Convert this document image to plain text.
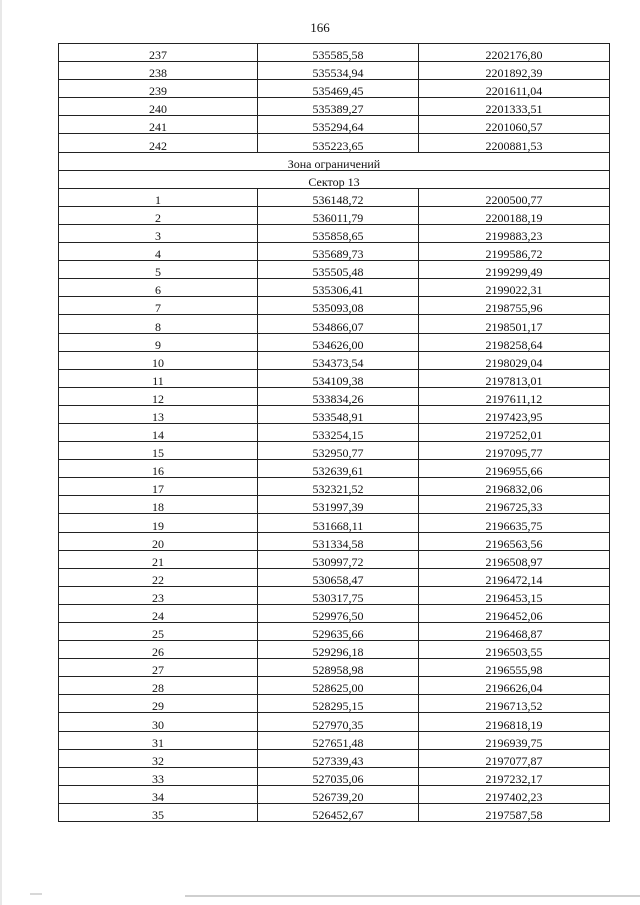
166
237	535585,58	2202176,80
238	535534,94	2201892,39
239	535469,45	2201611,04
240	535389,27	2201333,51
241	535294,64	2201060,57
242	535223,65	2200881,53
Зона ограничений		
Сектор 13		
1	536148,72	2200500,77
2	536011,79	2200188,19
3	535858,65	2199883,23
4	535689,73	2199586,72
5	535505,48	2199299,49
6	535306,41	2199022,31
7	535093,08	2198755,96
8	534866,07	2198501,17
9	534626,00	2198258,64
10	534373,54	2198029,04
11	534109,38	2197813,01
12	533834,26	2197611,12
13	533548,91	2197423,95
14	533254,15	2197252,01
15	532950,77	2197095,77
16	532639,61	2196955,66
17	532321,52	2196832,06
18	531997,39	2196725,33
19	531668,11	2196635,75
20	531334,58	2196563,56
21	530997,72	2196508,97
22	530658,47	2196472,14
23	530317,75	2196453,15
24	529976,50	2196452,06
25	529635,66	2196468,87
26	529296,18	2196503,55
27	528958,98	2196555,98
28	528625,00	2196626,04
29	528295,15	2196713,52
30	527970,35	2196818,19
31	527651,48	2196939,75
32	527339,43	2197077,87
33	527035,06	2197232,17
34	526739,20	2197402,23
35	526452,67	2197587,58
